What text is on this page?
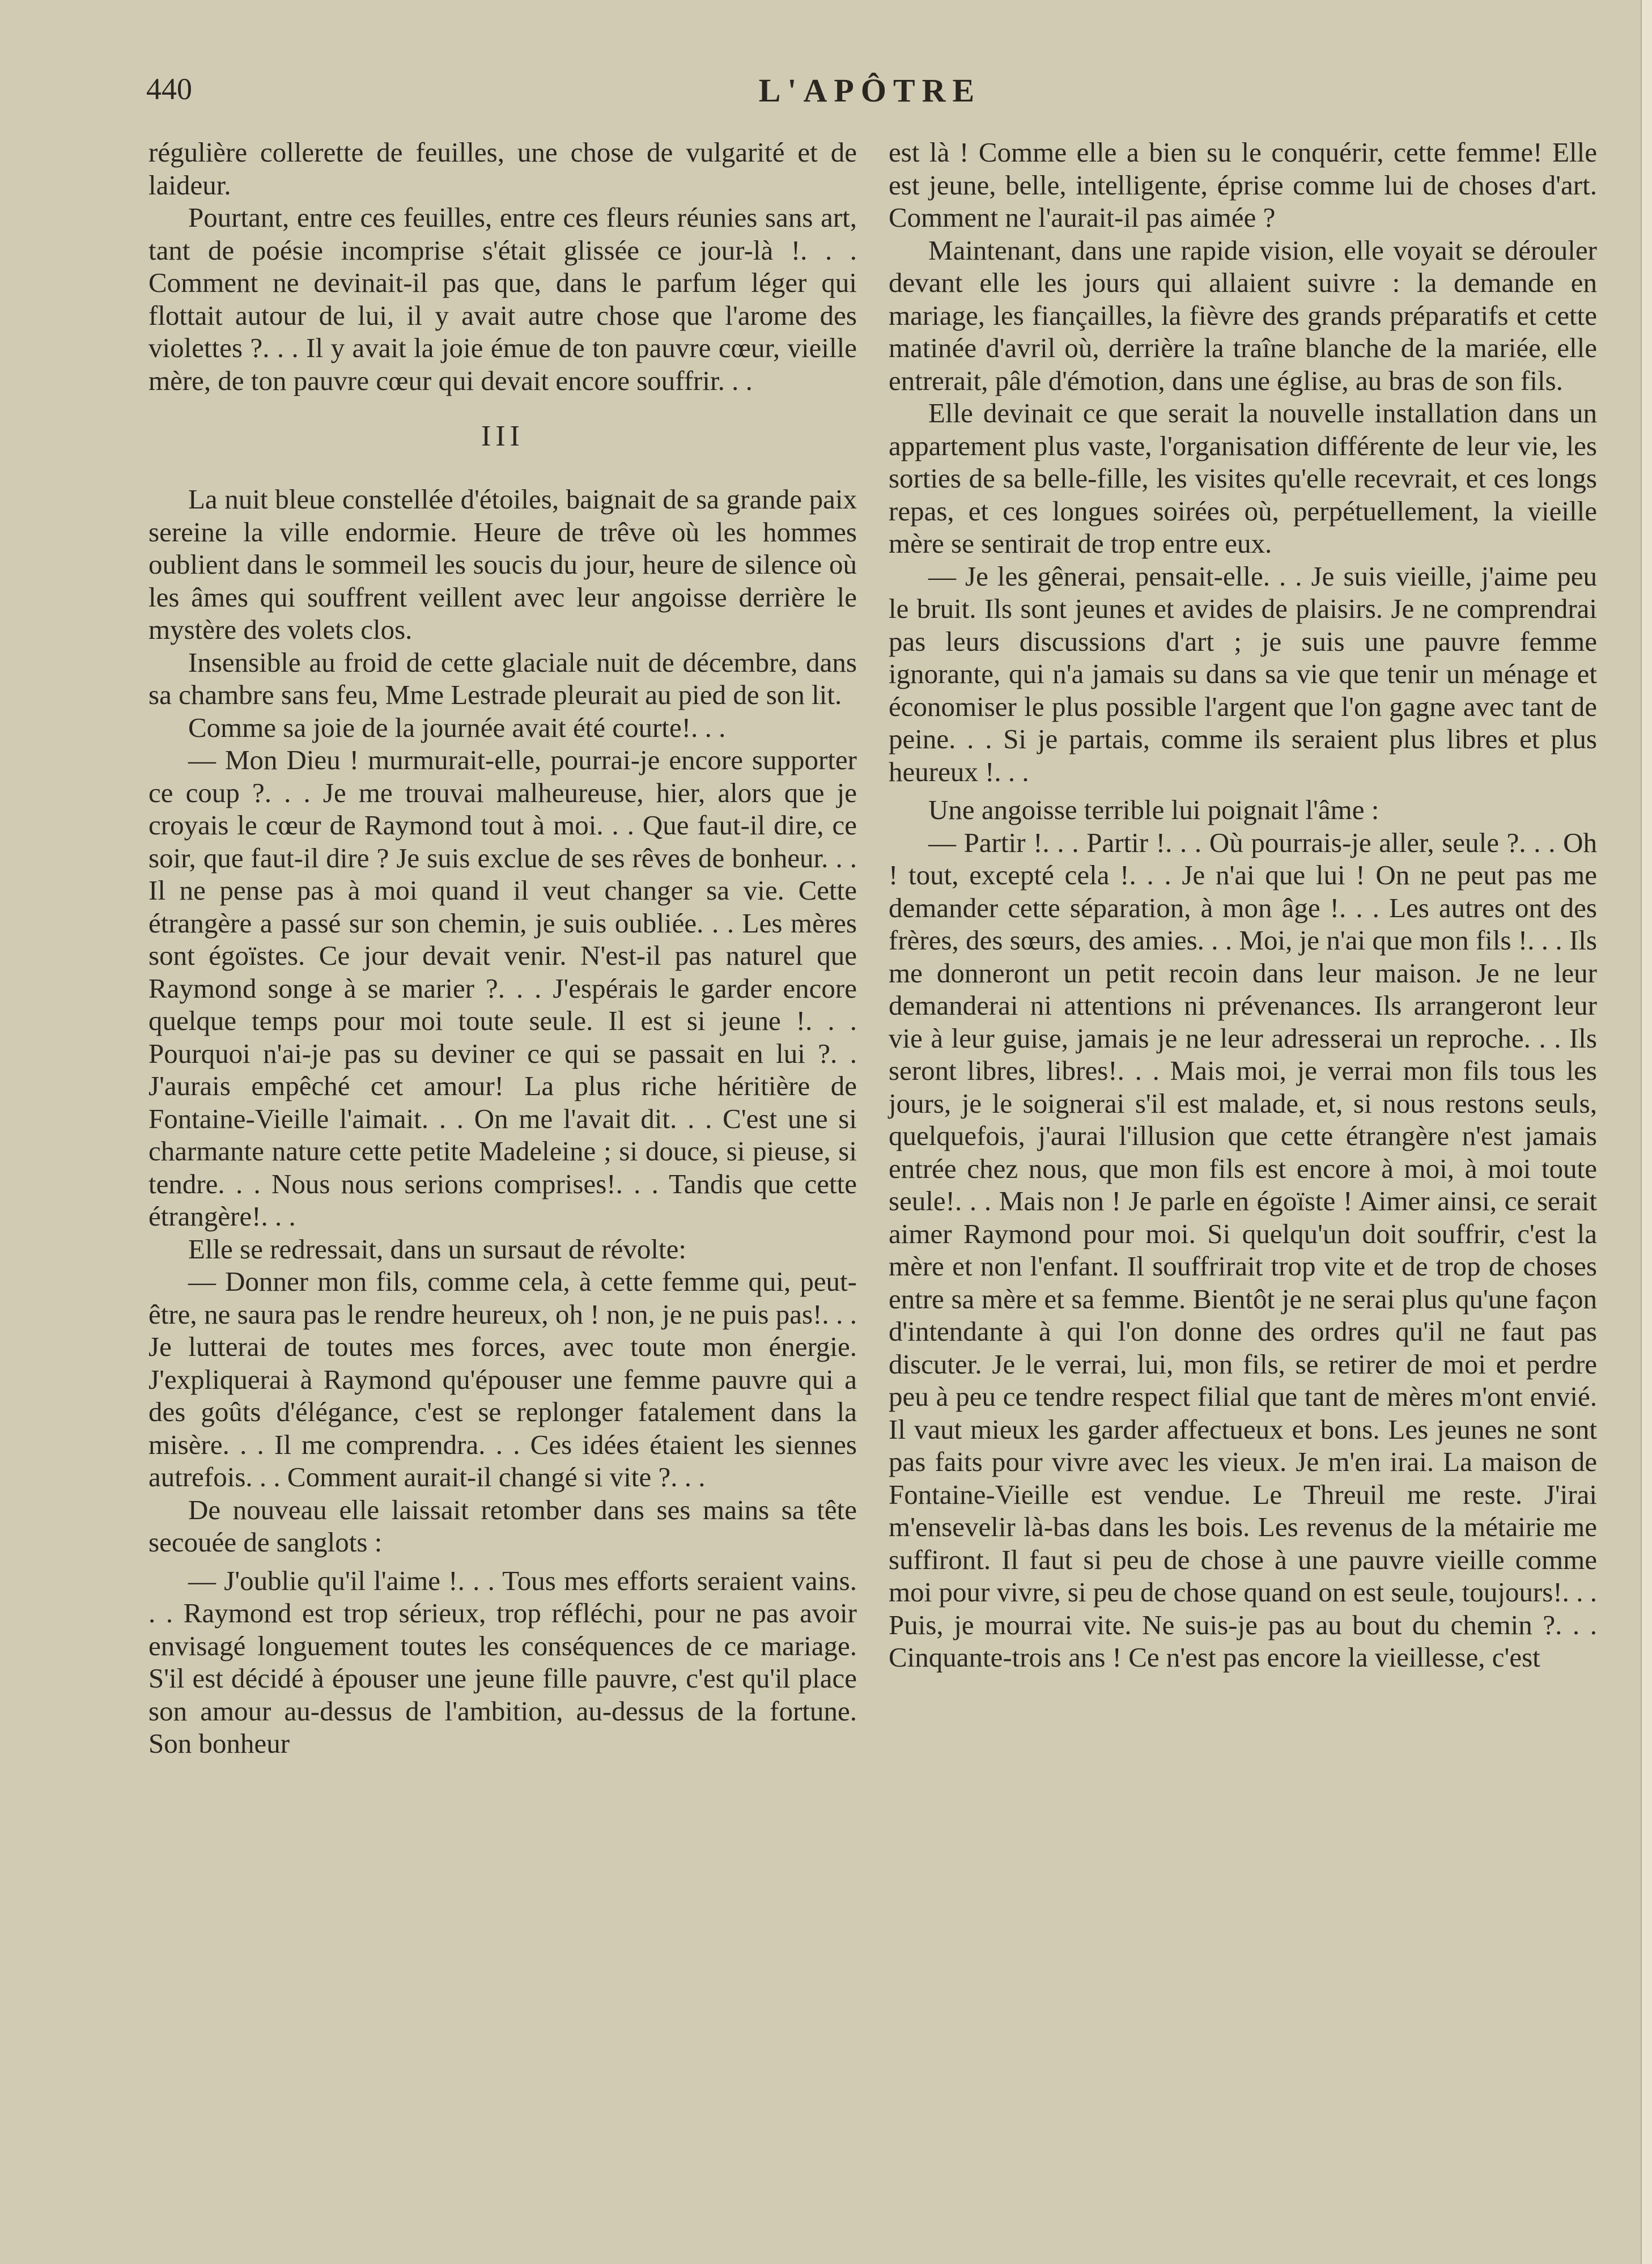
440	L'APÔTRE

régulière collerette de feuilles, une chose de vulgarité et de laideur.

Pourtant, entre ces feuilles, entre ces fleurs réunies sans art, tant de poésie incomprise s'était glissée ce jour-là !. . . Comment ne devinait-il pas que, dans le parfum léger qui flottait autour de lui, il y avait autre chose que l'arome des violettes ?. . . Il y avait la joie émue de ton pauvre cœur, vieille mère, de ton pauvre cœur qui devait encore souffrir. . .

III

La nuit bleue constellée d'étoiles, baignait de sa grande paix sereine la ville endormie. Heure de trêve où les hommes oublient dans le sommeil les soucis du jour, heure de silence où les âmes qui souffrent veillent avec leur angoisse derrière le mystère des volets clos.

Insensible au froid de cette glaciale nuit de décembre, dans sa chambre sans feu, Mme Lestrade pleurait au pied de son lit.

Comme sa joie de la journée avait été courte!. . .

— Mon Dieu ! murmurait-elle, pourrai-je encore supporter ce coup ?. . . Je me trouvai malheureuse, hier, alors que je croyais le cœur de Raymond tout à moi. . . Que faut-il dire, ce soir, que faut-il dire ? Je suis exclue de ses rêves de bonheur. . . Il ne pense pas à moi quand il veut changer sa vie. Cette étrangère a passé sur son chemin, je suis oubliée. . . Les mères sont égoïstes. Ce jour devait venir. N'est-il pas naturel que Raymond songe à se marier ?. . . J'espérais le garder encore quelque temps pour moi toute seule. Il est si jeune !. . . Pourquoi n'ai-je pas su deviner ce qui se passait en lui ?. . J'aurais empêché cet amour! La plus riche héritière de Fontaine-Vieille l'aimait. . . On me l'avait dit. . . C'est une si charmante nature cette petite Madeleine ; si douce, si pieuse, si tendre. . . Nous nous serions comprises!. . . Tandis que cette étrangère!. . .

Elle se redressait, dans un sursaut de révolte:

— Donner mon fils, comme cela, à cette femme qui, peut-être, ne saura pas le rendre heureux, oh ! non, je ne puis pas!. . . Je lutterai de toutes mes forces, avec toute mon énergie. J'expliquerai à Raymond qu'épouser une femme pauvre qui a des goûts d'élégance, c'est se replonger fatalement dans la misère. . . Il me comprendra. . . Ces idées étaient les siennes autrefois. . . Comment aurait-il changé si vite ?. . .

De nouveau elle laissait retomber dans ses mains sa tête secouée de sanglots :

— J'oublie qu'il l'aime !. . . Tous mes efforts seraient vains. . . Raymond est trop sérieux, trop réfléchi, pour ne pas avoir envisagé longuement toutes les conséquences de ce mariage. S'il est décidé à épouser une jeune fille pauvre, c'est qu'il place son amour au-dessus de l'ambition, au-dessus de la fortune. Son bonheur

est là ! Comme elle a bien su le conquérir, cette femme! Elle est jeune, belle, intelligente, éprise comme lui de choses d'art. Comment ne l'aurait-il pas aimée ?

Maintenant, dans une rapide vision, elle voyait se dérouler devant elle les jours qui allaient suivre : la demande en mariage, les fiançailles, la fièvre des grands préparatifs et cette matinée d'avril où, derrière la traîne blanche de la mariée, elle entrerait, pâle d'émotion, dans une église, au bras de son fils.

Elle devinait ce que serait la nouvelle installation dans un appartement plus vaste, l'organisation différente de leur vie, les sorties de sa belle-fille, les visites qu'elle recevrait, et ces longs repas, et ces longues soirées où, perpétuellement, la vieille mère se sentirait de trop entre eux.

— Je les gênerai, pensait-elle. . . Je suis vieille, j'aime peu le bruit. Ils sont jeunes et avides de plaisirs. Je ne comprendrai pas leurs discussions d'art ; je suis une pauvre femme ignorante, qui n'a jamais su dans sa vie que tenir un ménage et économiser le plus possible l'argent que l'on gagne avec tant de peine. . . Si je partais, comme ils seraient plus libres et plus heureux !. . .

Une angoisse terrible lui poignait l'âme :

— Partir !. . . Partir !. . . Où pourrais-je aller, seule ?. . . Oh ! tout, excepté cela !. . . Je n'ai que lui ! On ne peut pas me demander cette séparation, à mon âge !. . . Les autres ont des frères, des sœurs, des amies. . . Moi, je n'ai que mon fils !. . . Ils me donneront un petit recoin dans leur maison. Je ne leur demanderai ni attentions ni prévenances. Ils arrangeront leur vie à leur guise, jamais je ne leur adresserai un reproche. . . Ils seront libres, libres!. . . Mais moi, je verrai mon fils tous les jours, je le soignerai s'il est malade, et, si nous restons seuls, quelquefois, j'aurai l'illusion que cette étrangère n'est jamais entrée chez nous, que mon fils est encore à moi, à moi toute seule!. . . Mais non ! Je parle en égoïste ! Aimer ainsi, ce serait aimer Raymond pour moi. Si quelqu'un doit souffrir, c'est la mère et non l'enfant. Il souffrirait trop vite et de trop de choses entre sa mère et sa femme. Bientôt je ne serai plus qu'une façon d'intendante à qui l'on donne des ordres qu'il ne faut pas discuter. Je le verrai, lui, mon fils, se retirer de moi et perdre peu à peu ce tendre respect filial que tant de mères m'ont envié. Il vaut mieux les garder affectueux et bons. Les jeunes ne sont pas faits pour vivre avec les vieux. Je m'en irai. La maison de Fontaine-Vieille est vendue. Le Threuil me reste. J'irai m'ensevelir là-bas dans les bois. Les revenus de la métairie me suffiront. Il faut si peu de chose à une pauvre vieille comme moi pour vivre, si peu de chose quand on est seule, toujours!. . . Puis, je mourrai vite. Ne suis-je pas au bout du chemin ?. . . Cinquante-trois ans ! Ce n'est pas encore la vieillesse, c'est
